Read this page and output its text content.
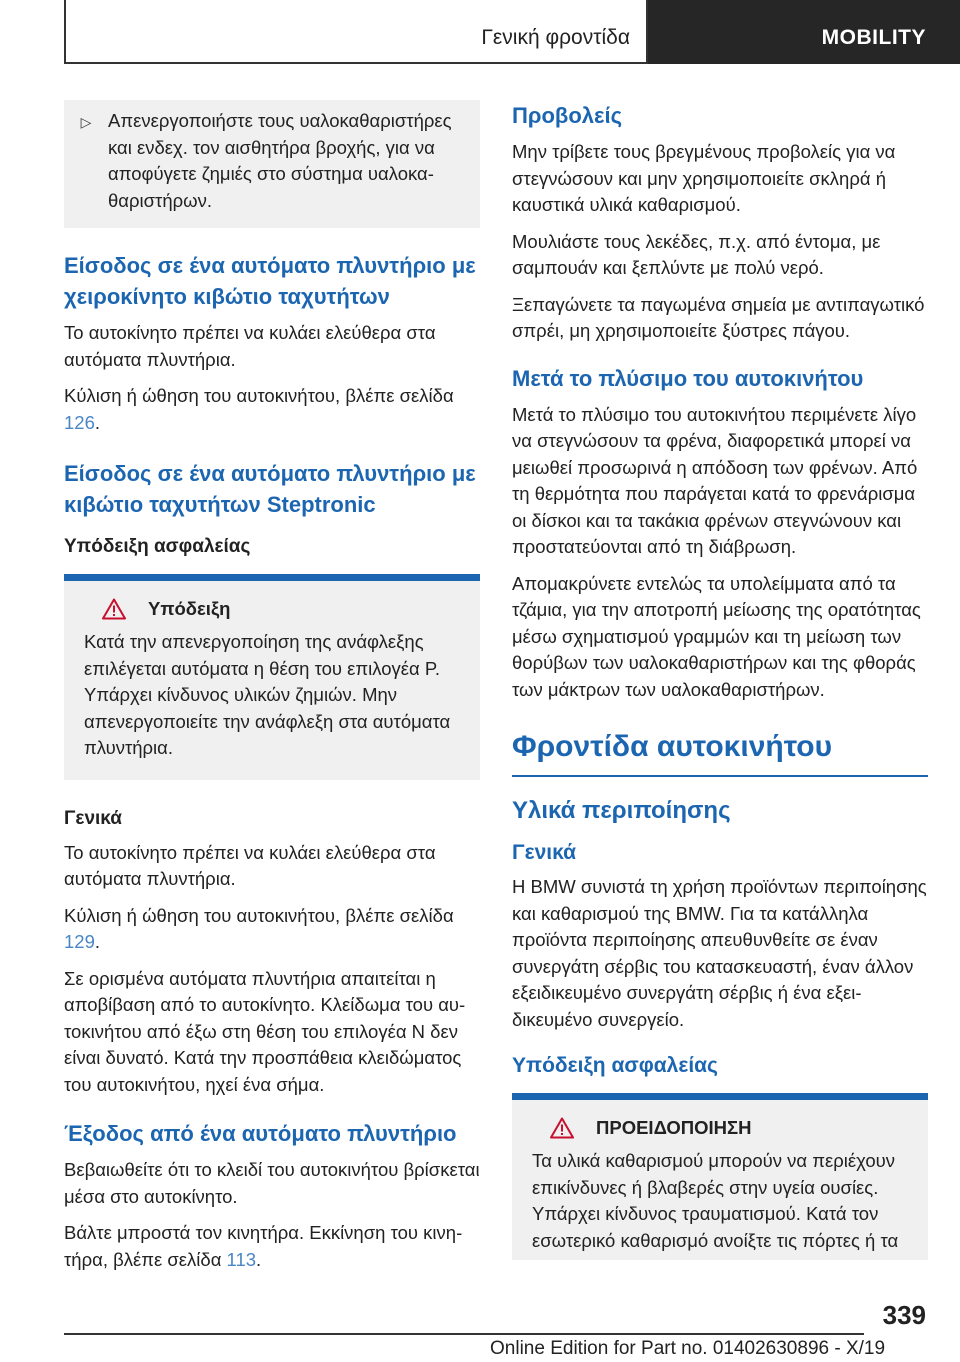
Γενική φροντίδα	MOBILITY
▷ Απενεργοποιήστε τους υαλοκαθαριστήρες και ενδεχ. τον αισθητήρα βροχής, για να αποφύγετε ζημιές στο σύστημα υαλοκαθαριστήρων.

Είσοδος σε ένα αυτόματο πλυντήριο με χειροκίνητο κιβώτιο ταχυτήτων

Το αυτοκίνητο πρέπει να κυλάει ελεύθερα στα αυτόματα πλυντήρια.

Κύλιση ή ώθηση του αυτοκινήτου, βλέπε σελίδα 126.

Είσοδος σε ένα αυτόματο πλυντήριο με κιβώτιο ταχυτήτων Steptronic
Υπόδειξη ασφαλείας
Υπόδειξη

Κατά την απενεργοποίηση της ανάφλεξης επιλέγεται αυτόματα η θέση του επιλογέα P. Υπάρχει κίνδυνος υλικών ζημιών. Μην απενεργοποιείτε την ανάφλεξη στα αυτόματα πλυντήρια.

Γενικά

Το αυτοκίνητο πρέπει να κυλάει ελεύθερα στα αυτόματα πλυντήρια.

Κύλιση ή ώθηση του αυτοκινήτου, βλέπε σελίδα 129.

Σε ορισμένα αυτόματα πλυντήρια απαιτείται η αποβίβαση από το αυτοκίνητο. Κλείδωμα του αυτοκινήτου από έξω στη θέση του επιλογέα N δεν είναι δυνατό. Κατά την προσπάθεια κλειδώματος του αυτοκινήτου, ηχεί ένα σήμα.

Έξοδος από ένα αυτόματο πλυντήριο

Βεβαιωθείτε ότι το κλειδί του αυτοκινήτου βρίσκεται μέσα στο αυτοκίνητο.

Βάλτε μπροστά τον κινητήρα. Εκκίνηση του κινητήρα, βλέπε σελίδα 113.

Προβολείς

Μην τρίβετε τους βρεγμένους προβολείς για να στεγνώσουν και μην χρησιμοποιείτε σκληρά ή καυστικά υλικά καθαρισμού.

Μουλιάστε τους λεκέδες, π.χ. από έντομα, με σαμπουάν και ξεπλύντε με πολύ νερό.

Ξεπαγώνετε τα παγωμένα σημεία με αντιπαγωτικό σπρέι, μη χρησιμοποιείτε ξύστρες πάγου.

Μετά το πλύσιμο του αυτοκινήτου

Μετά το πλύσιμο του αυτοκινήτου περιμένετε λίγο να στεγνώσουν τα φρένα, διαφορετικά μπορεί να μειωθεί προσωρινά η απόδοση των φρένων. Από τη θερμότητα που παράγεται κατά το φρενάρισμα οι δίσκοι και τα τακάκια φρένων στεγνώνουν και προστατεύονται από τη διάβρωση.

Απομακρύνετε εντελώς τα υπολείμματα από τα τζάμια, για την αποτροπή μείωσης της ορατότητας μέσω σχηματισμού γραμμών και τη μείωση των θορύβων των υαλοκαθαριστήρων και της φθοράς των μάκτρων των υαλοκαθαριστήρων.

Φροντίδα αυτοκινήτου
Υλικά περιποίησης
Γενικά

Η BMW συνιστά τη χρήση προϊόντων περιποίησης και καθαρισμού της BMW. Για τα κατάλληλα προϊόντα περιποίησης απευθυνθείτε σε έναν συνεργάτη σέρβις του κατασκευαστή, έναν άλλον εξειδικευμένο συνεργάτη σέρβις ή ένα εξειδικευμένο συνεργείο.

Υπόδειξη ασφαλείας
ΠΡΟΕΙΔΟΠΟΙΗΣΗ

Τα υλικά καθαρισμού μπορούν να περιέχουν επικίνδυνες ή βλαβερές στην υγεία ουσίες. Υπάρχει κίνδυνος τραυματισμού. Κατά τον εσωτερικό καθαρισμό ανοίξτε τις πόρτες ή τα

339
Online Edition for Part no. 01402630896 - X/19
